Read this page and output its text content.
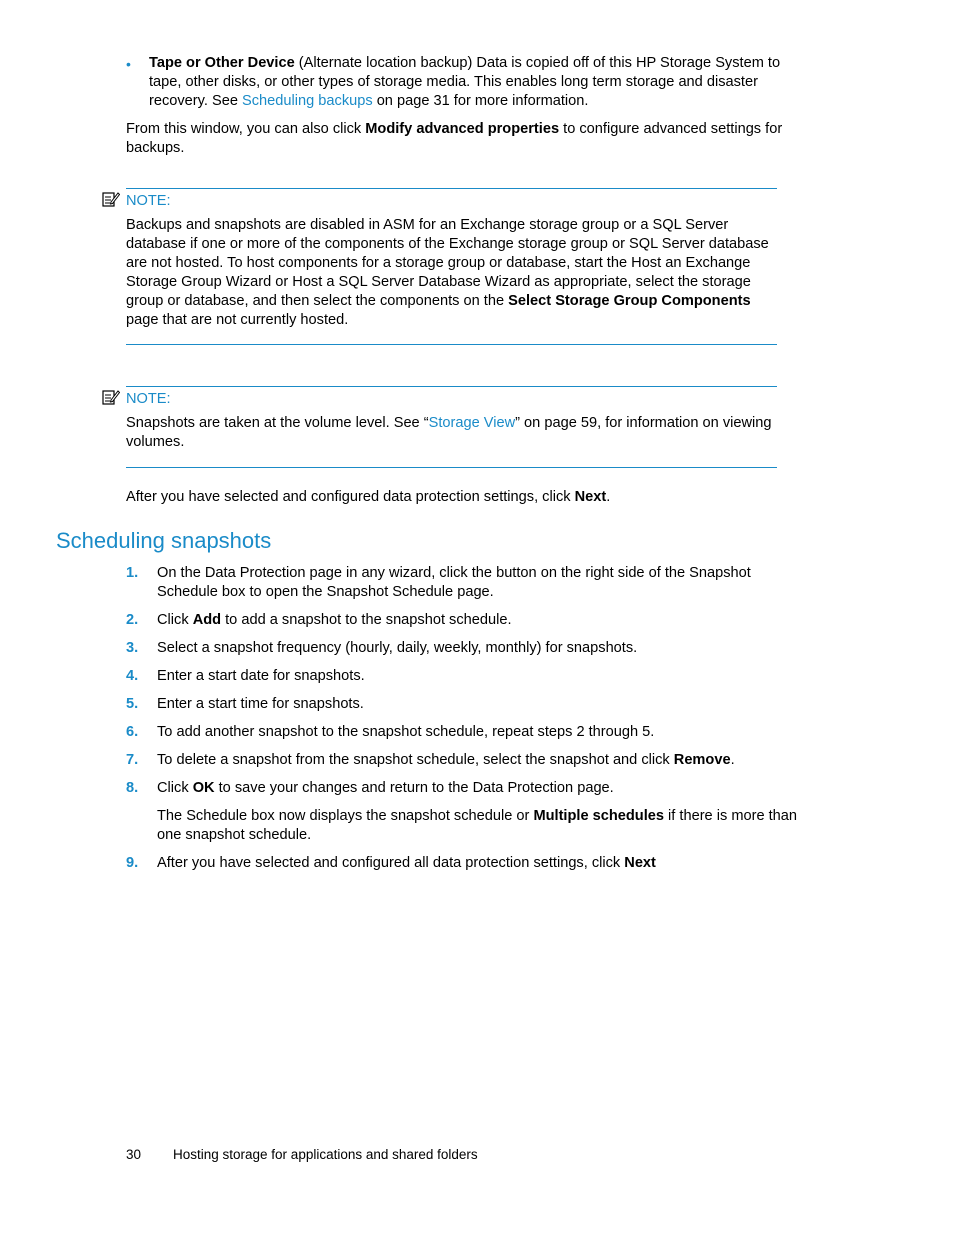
• Tape or Other Device (Alternate location backup) Data is copied off of this HP Storage System to tape, other disks, or other types of storage media. This enables long term storage and disaster recovery. See Scheduling backups on page 31 for more information.
From this window, you can also click Modify advanced properties to configure advanced settings for backups.
NOTE:
Backups and snapshots are disabled in ASM for an Exchange storage group or a SQL Server database if one or more of the components of the Exchange storage group or SQL Server database are not hosted. To host components for a storage group or database, start the Host an Exchange Storage Group Wizard or Host a SQL Server Database Wizard as appropriate, select the storage group or database, and then select the components on the Select Storage Group Components page that are not currently hosted.
NOTE:
Snapshots are taken at the volume level. See “Storage View” on page 59, for information on viewing volumes.
After you have selected and configured data protection settings, click Next.
Scheduling snapshots
1. On the Data Protection page in any wizard, click the button on the right side of the Snapshot Schedule box to open the Snapshot Schedule page.
2. Click Add to add a snapshot to the snapshot schedule.
3. Select a snapshot frequency (hourly, daily, weekly, monthly) for snapshots.
4. Enter a start date for snapshots.
5. Enter a start time for snapshots.
6. To add another snapshot to the snapshot schedule, repeat steps 2 through 5.
7. To delete a snapshot from the snapshot schedule, select the snapshot and click Remove.
8. Click OK to save your changes and return to the Data Protection page.
The Schedule box now displays the snapshot schedule or Multiple schedules if there is more than one snapshot schedule.
9. After you have selected and configured all data protection settings, click Next
30 Hosting storage for applications and shared folders
